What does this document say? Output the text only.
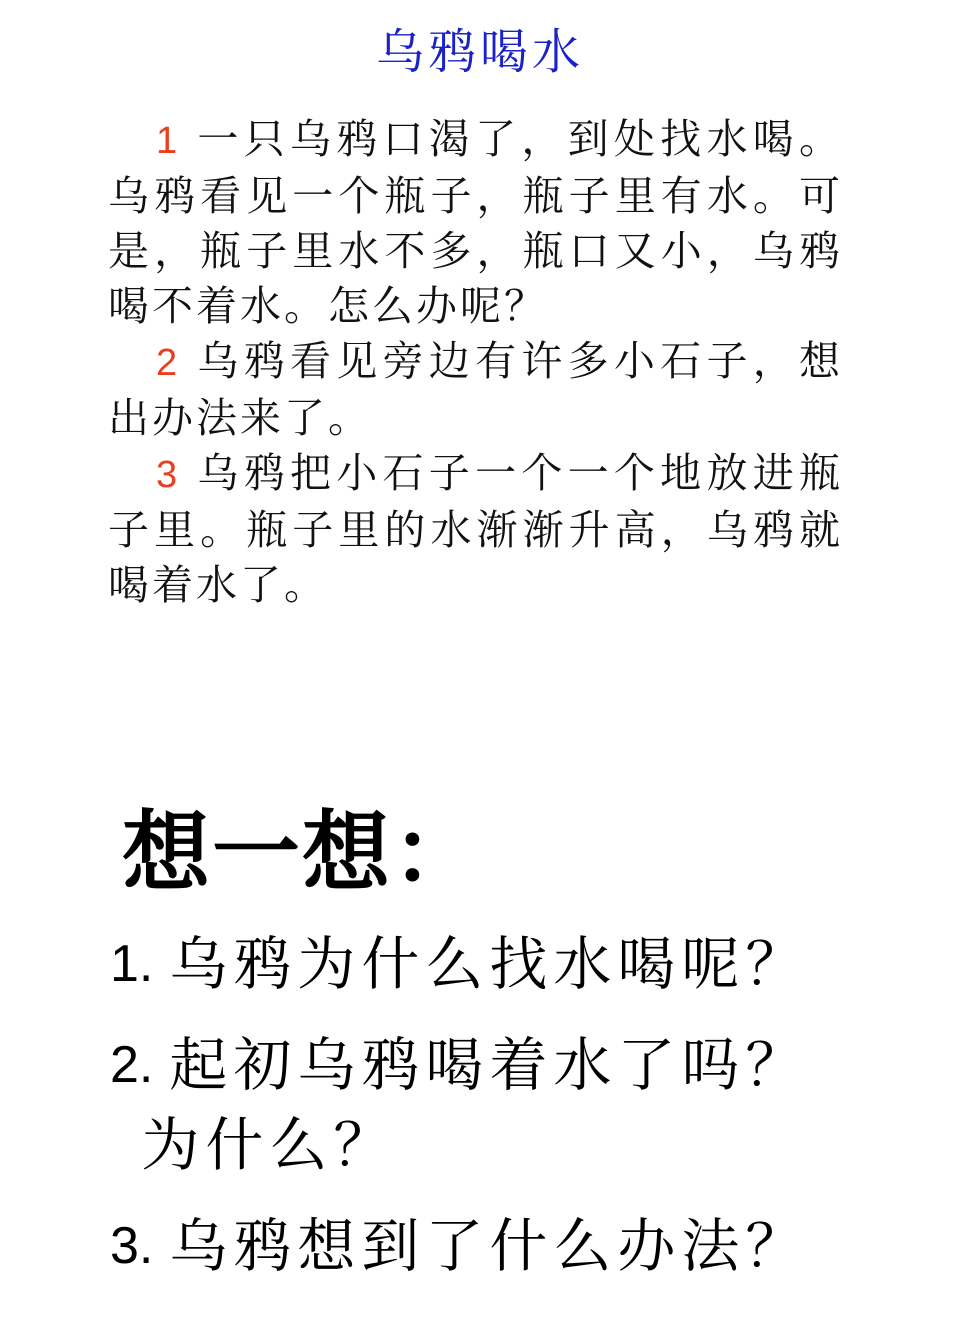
乌鸦喝水

1 一只乌鸦口渴了，到处找水喝。乌鸦看见一个瓶子，瓶子里有水。可是，瓶子里水不多，瓶口又小，乌鸦喝不着水。怎么办呢？

2 乌鸦看见旁边有许多小石子，想出办法来了。

3 乌鸦把小石子一个一个地放进瓶子里。瓶子里的水渐渐升高，乌鸦就喝着水了。

想一想：
1. 乌鸦为什么找水喝呢？
2. 起初乌鸦喝着水了吗？
为什么？
3. 乌鸦想到了什么办法？
